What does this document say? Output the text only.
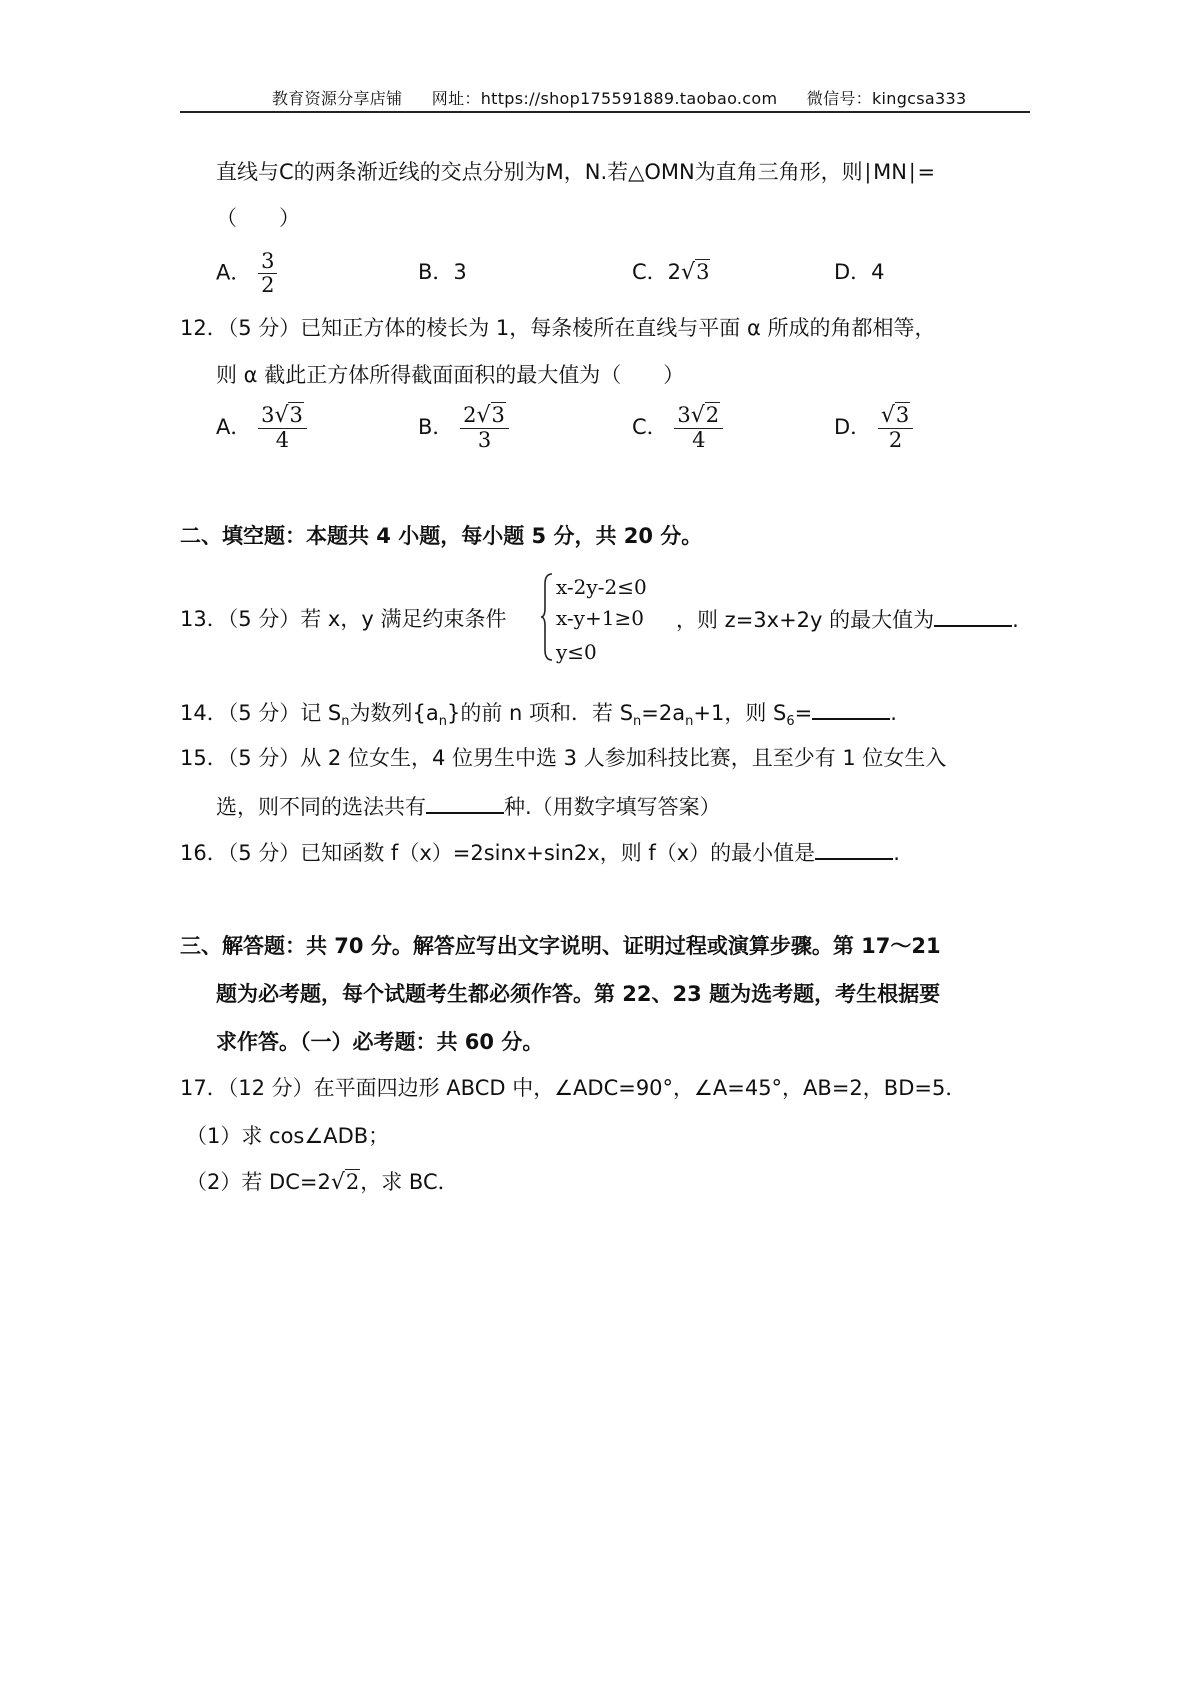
教育资源分享店铺 网址：https://shop175591889.taobao.com 微信号：kingcsa333
直线与C的两条渐近线的交点分别为M，N.若△OMN为直角三角形，则∣MN∣=
（　　）
A． $\frac{3}{2}$	B．3	C．2√3	D．4
12．（5 分）已知正方体的棱长为 1，每条棱所在直线与平面 α 所成的角都相等，
则 α 截此正方体所得截面面积的最大值为（　　）
A． $\frac{3√3}{4}$	B． $\frac{2√3}{3}$	C． $\frac{3√2}{4}$	D． $\frac{√3}{2}$
二、填空题：本题共 4 小题，每小题 5 分，共 20 分。
13．（5 分）若 x，y 满足约束条件
x-2y-2≤0
x-y+1≥0
y≤0
，则 z=3x+2y 的最大值为	.
14．（5 分）记 $S_n$为数列$\{a_n\}$的前 n 项和．若 $S_n=2a_n+1$，则 $S_6=$	.
15．（5 分）从 2 位女生，4 位男生中选 3 人参加科技比赛，且至少有 1 位女生入
选，则不同的选法共有	种.（用数字填写答案）
16．（5 分）已知函数 f（x）=2sinx+sin2x，则 f（x）的最小值是	.
三、解答题：共 70 分。解答应写出文字说明、证明过程或演算步骤。第 17～21
题为必考题，每个试题考生都必须作答。第 22、23 题为选考题，考生根据要
求作答。（一）必考题：共 60 分。
17．（12 分）在平面四边形 ABCD 中，∠ADC=90°，∠A=45°，AB=2，BD=5．
（1）求 cos∠ADB；
（2）若 DC=2√2，求 BC．
